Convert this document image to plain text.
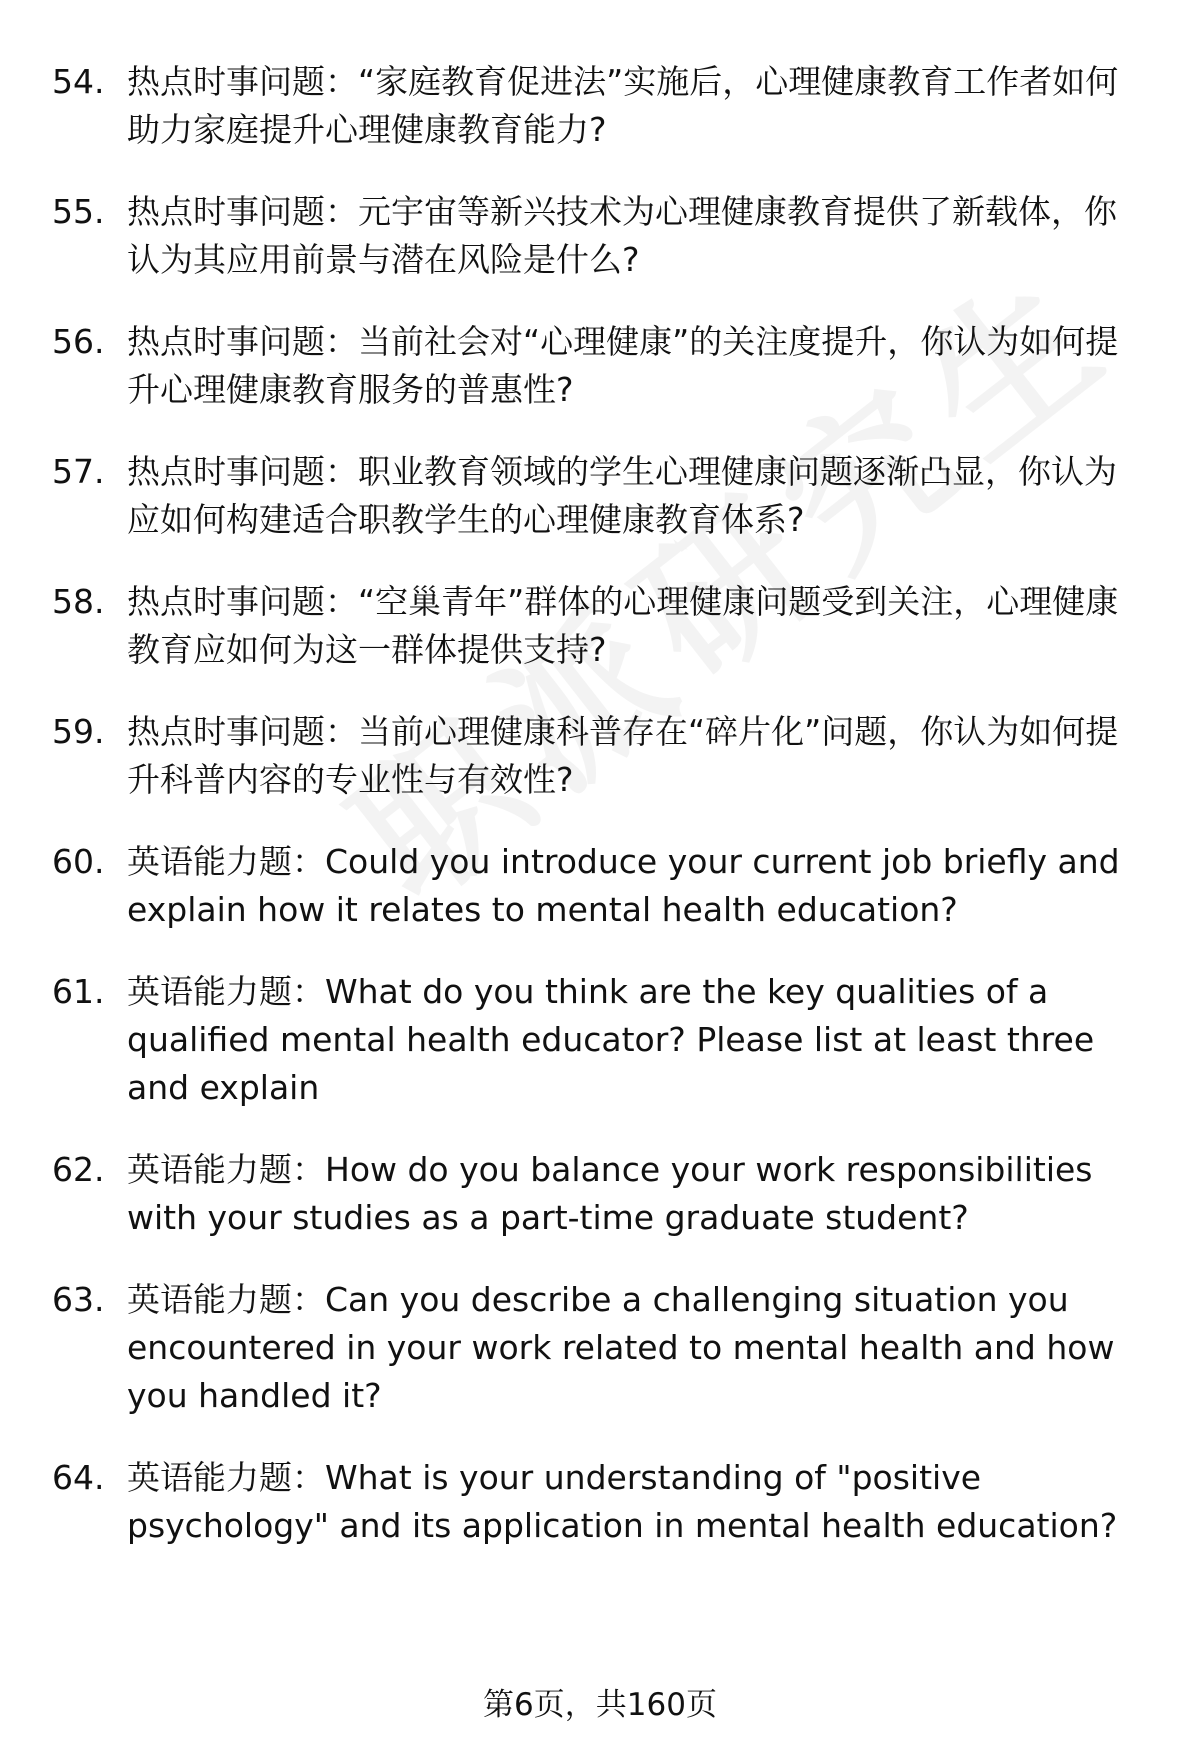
54. 热点时事问题：“家庭教育促进法”实施后，心理健康教育工作者如何助力家庭提升心理健康教育能力?
55. 热点时事问题：元宇宙等新兴技术为心理健康教育提供了新载体，你认为其应用前景与潜在风险是什么?
56. 热点时事问题：当前社会对“心理健康”的关注度提升，你认为如何提升心理健康教育服务的普惠性?
57. 热点时事问题：职业教育领域的学生心理健康问题逐渐凸显，你认为应如何构建适合职教学生的心理健康教育体系?
58. 热点时事问题：“空巢青年”群体的心理健康问题受到关注，心理健康教育应如何为这一群体提供支持?
59. 热点时事问题：当前心理健康科普存在“碎片化”问题，你认为如何提升科普内容的专业性与有效性?
60. 英语能力题：Could you introduce your current job briefly and explain how it relates to mental health education?
61. 英语能力题：What do you think are the key qualities of a qualified mental health educator? Please list at least three and explain
62. 英语能力题：How do you balance your work responsibilities with your studies as a part-time graduate student?
63. 英语能力题：Can you describe a challenging situation you encountered in your work related to mental health and how you handled it?
64. 英语能力题：What is your understanding of "positive psychology" and its application in mental health education?
第6页，共160页
